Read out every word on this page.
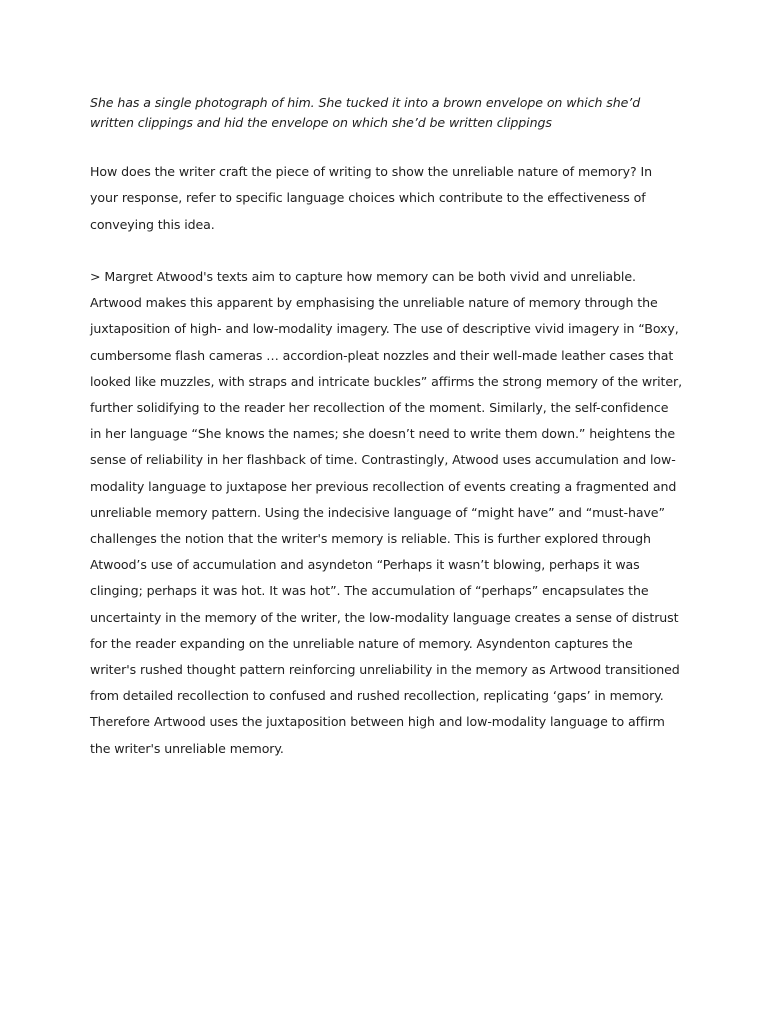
She has a single photograph of him. She tucked it into a brown envelope on which she’d written clippings and hid the envelope on which she’d be written clippings

How does the writer craft the piece of writing to show the unreliable nature of memory? In your response, refer to specific language choices which contribute to the effectiveness of conveying this idea.

> Margret Atwood's texts aim to capture how memory can be both vivid and unreliable. Artwood makes this apparent by emphasising the unreliable nature of memory through the juxtaposition of high- and low-modality imagery. The use of descriptive vivid imagery in “Boxy, cumbersome flash cameras … accordion-pleat nozzles and their well-made leather cases that looked like muzzles, with straps and intricate buckles” affirms the strong memory of the writer, further solidifying to the reader her recollection of the moment. Similarly, the self-confidence in her language “She knows the names; she doesn’t need to write them down.” heightens the sense of reliability in her flashback of time. Contrastingly, Atwood uses accumulation and low-modality language to juxtapose her previous recollection of events creating a fragmented and unreliable memory pattern. Using the indecisive language of “might have” and “must-have” challenges the notion that the writer's memory is reliable. This is further explored through Atwood’s use of accumulation and asyndeton “Perhaps it wasn’t blowing, perhaps it was clinging; perhaps it was hot. It was hot”. The accumulation of “perhaps” encapsulates the uncertainty in the memory of the writer, the low-modality language creates a sense of distrust for the reader expanding on the unreliable nature of memory. Asyndenton captures the writer's rushed thought pattern reinforcing unreliability in the memory as Artwood transitioned from detailed recollection to confused and rushed recollection, replicating ‘gaps’ in memory. Therefore Artwood uses the juxtaposition between high and low-modality language to affirm the writer's unreliable memory.
